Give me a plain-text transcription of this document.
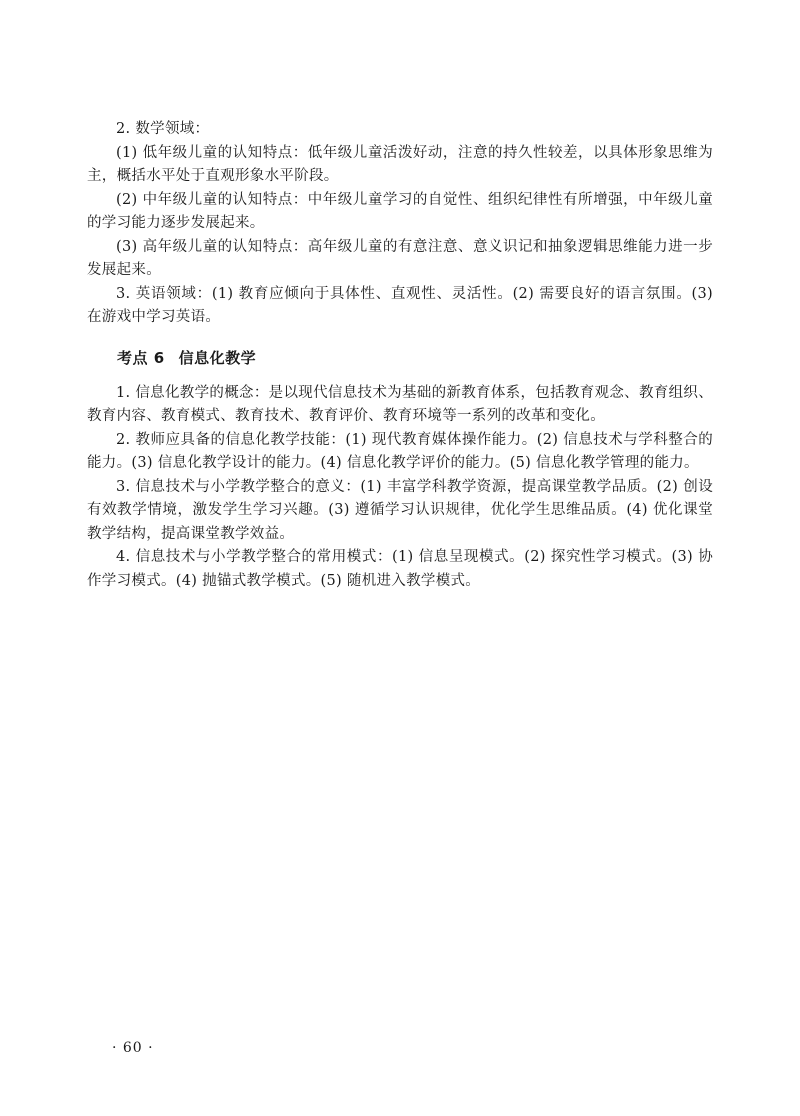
2. 数学领域：

(1) 低年级儿童的认知特点：低年级儿童活泼好动，注意的持久性较差，以具体形象思维为主，概括水平处于直观形象水平阶段。

(2) 中年级儿童的认知特点：中年级儿童学习的自觉性、组织纪律性有所增强，中年级儿童的学习能力逐步发展起来。

(3) 高年级儿童的认知特点：高年级儿童的有意注意、意义识记和抽象逻辑思维能力进一步发展起来。

3. 英语领域：(1) 教育应倾向于具体性、直观性、灵活性。(2) 需要良好的语言氛围。(3) 在游戏中学习英语。

考点 6 信息化教学

1. 信息化教学的概念：是以现代信息技术为基础的新教育体系，包括教育观念、教育组织、教育内容、教育模式、教育技术、教育评价、教育环境等一系列的改革和变化。

2. 教师应具备的信息化教学技能：(1) 现代教育媒体操作能力。(2) 信息技术与学科整合的能力。(3) 信息化教学设计的能力。(4) 信息化教学评价的能力。(5) 信息化教学管理的能力。

3. 信息技术与小学教学整合的意义：(1) 丰富学科教学资源，提高课堂教学品质。(2) 创设有效教学情境，激发学生学习兴趣。(3) 遵循学习认识规律，优化学生思维品质。(4) 优化课堂教学结构，提高课堂教学效益。

4. 信息技术与小学教学整合的常用模式：(1) 信息呈现模式。(2) 探究性学习模式。(3) 协作学习模式。(4) 抛锚式教学模式。(5) 随机进入教学模式。

· 60 ·
